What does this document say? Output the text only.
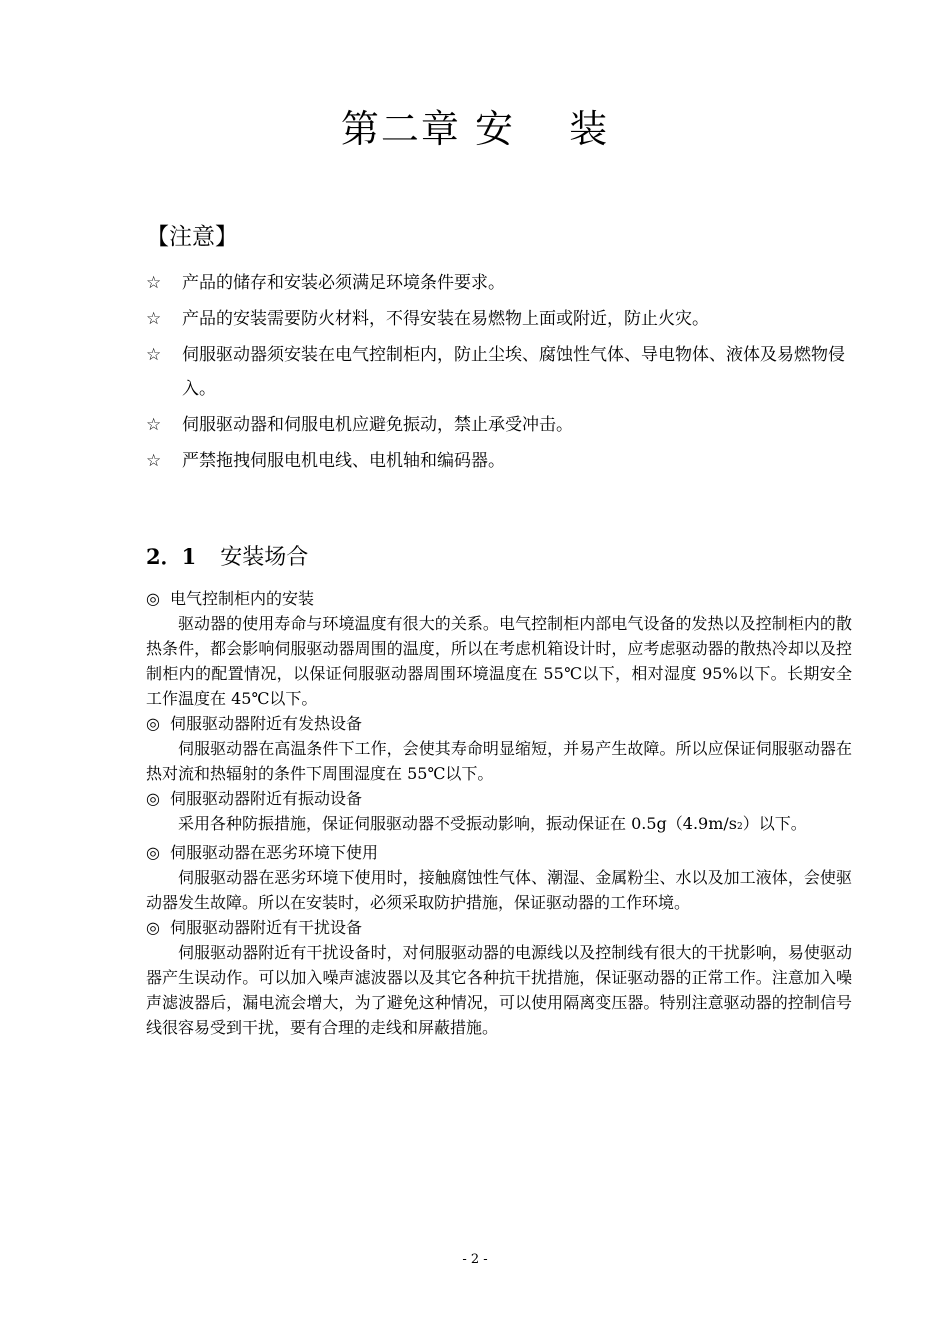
第二章 安　 装
【注意】
☆ 产品的储存和安装必须满足环境条件要求。
☆ 产品的安装需要防火材料，不得安装在易燃物上面或附近，防止火灾。
☆ 伺服驱动器须安装在电气控制柜内，防止尘埃、腐蚀性气体、导电物体、液体及易燃物侵入。
☆ 伺服驱动器和伺服电机应避免振动，禁止承受冲击。
☆ 严禁拖拽伺服电机电线、电机轴和编码器。
2．1 安装场合

◎ 电气控制柜内的安装

驱动器的使用寿命与环境温度有很大的关系。电气控制柜内部电气设备的发热以及控制柜内的散热条件，都会影响伺服驱动器周围的温度，所以在考虑机箱设计时，应考虑驱动器的散热冷却以及控制柜内的配置情况，以保证伺服驱动器周围环境温度在 55℃以下，相对湿度 95%以下。长期安全工作温度在 45℃以下。

◎ 伺服驱动器附近有发热设备

伺服驱动器在高温条件下工作，会使其寿命明显缩短，并易产生故障。所以应保证伺服驱动器在热对流和热辐射的条件下周围湿度在 55℃以下。

◎ 伺服驱动器附近有振动设备

采用各种防振措施，保证伺服驱动器不受振动影响，振动保证在 0.5g（4.9m/s2）以下。

◎ 伺服驱动器在恶劣环境下使用

伺服驱动器在恶劣环境下使用时，接触腐蚀性气体、潮湿、金属粉尘、水以及加工液体，会使驱动器发生故障。所以在安装时，必须采取防护措施，保证驱动器的工作环境。

◎ 伺服驱动器附近有干扰设备

伺服驱动器附近有干扰设备时，对伺服驱动器的电源线以及控制线有很大的干扰影响，易使驱动器产生误动作。可以加入噪声滤波器以及其它各种抗干扰措施，保证驱动器的正常工作。注意加入噪声滤波器后，漏电流会增大，为了避免这种情况，可以使用隔离变压器。特别注意驱动器的控制信号线很容易受到干扰，要有合理的走线和屏蔽措施。

- 2 -
